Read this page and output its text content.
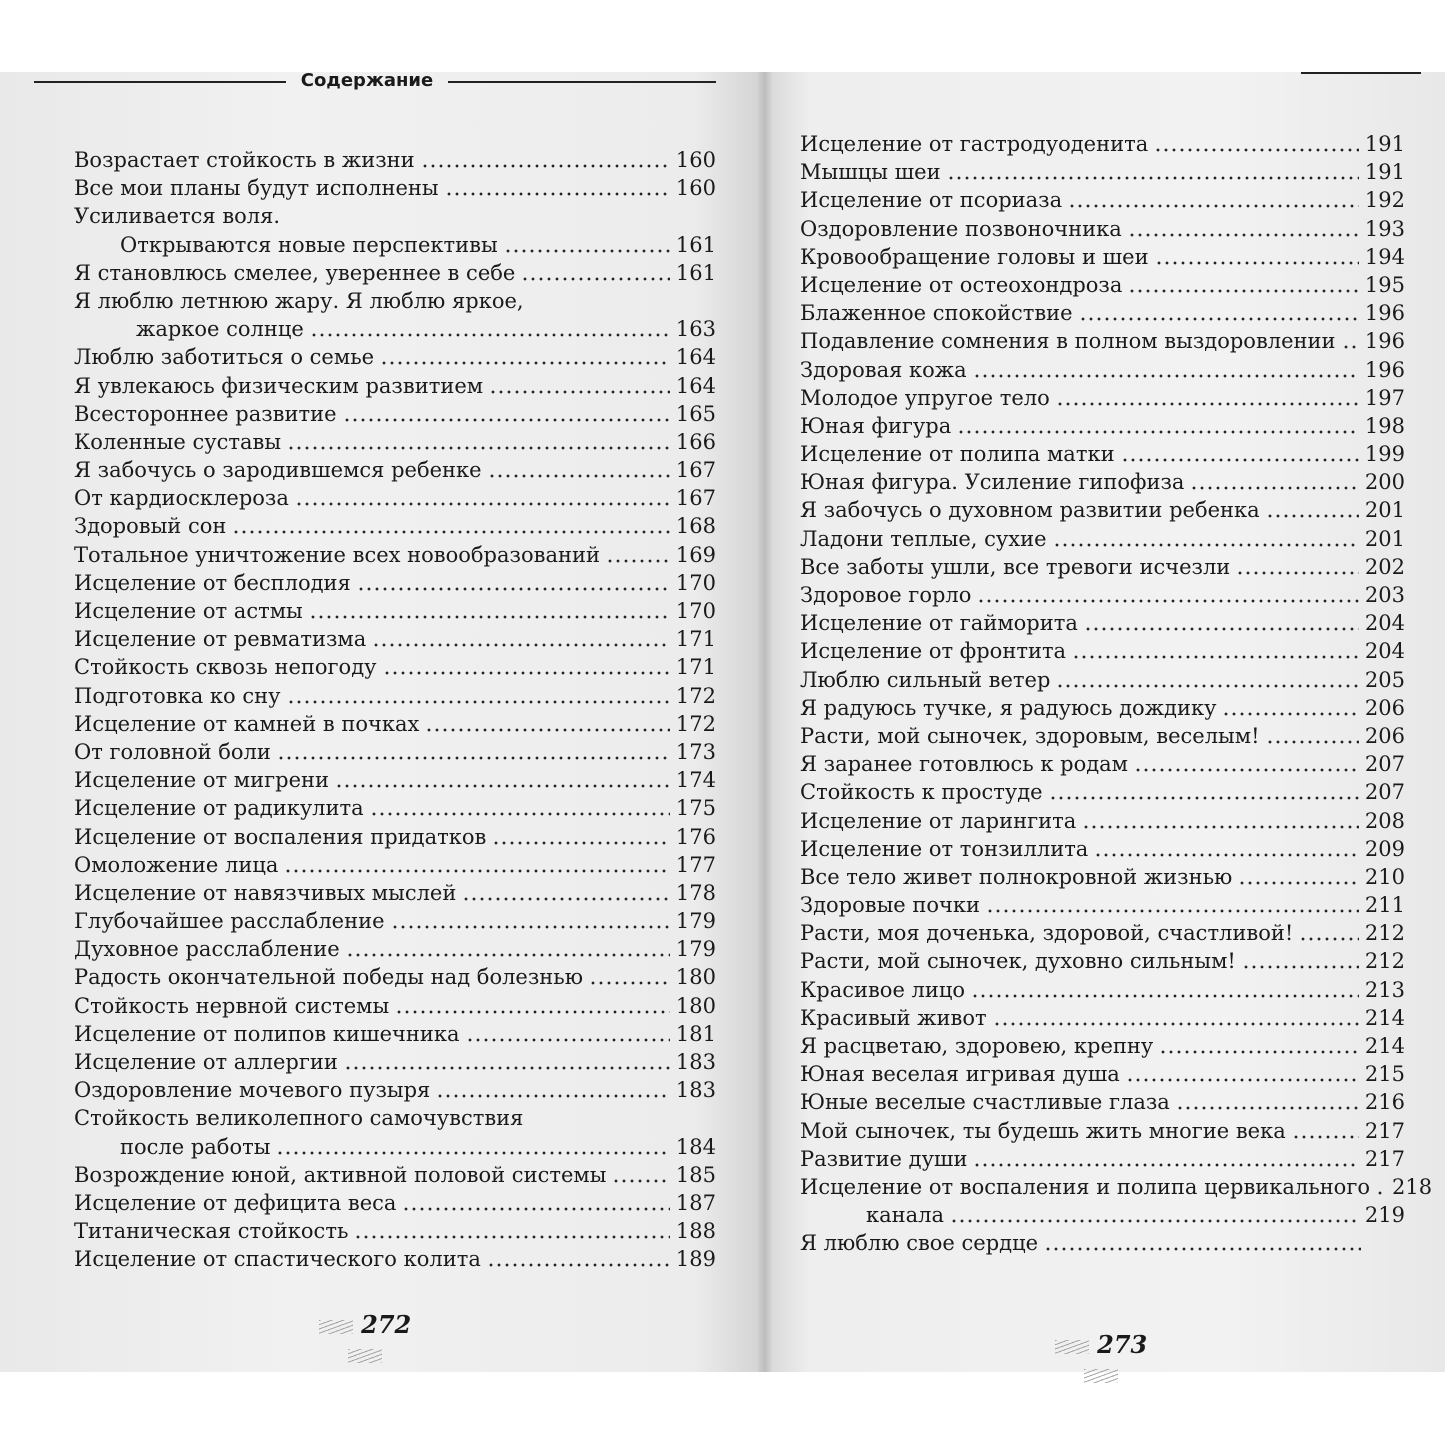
Содержание
Возрастает стойкость в жизни	160
Все мои планы будут исполнены	160
Усиливается воля.
Открываются новые перспективы	161
Я становлюсь смелее, увереннее в себе	161
Я люблю летнюю жару. Я люблю яркое,
жаркое солнце	163
Люблю заботиться о семье	164
Я увлекаюсь физическим развитием	164
Всестороннее развитие	165
Коленные суставы	166
Я забочусь о зародившемся ребенке	167
От кардиосклероза	167
Здоровый сон	168
Тотальное уничтожение всех новообразований	169
Исцеление от бесплодия	170
Исцеление от астмы	170
Исцеление от ревматизма	171
Стойкость сквозь непогоду	171
Подготовка ко сну	172
Исцеление от камней в почках	172
От головной боли	173
Исцеление от мигрени	174
Исцеление от радикулита	175
Исцеление от воспаления придатков	176
Омоложение лица	177
Исцеление от навязчивых мыслей	178
Глубочайшее расслабление	179
Духовное расслабление	179
Радость окончательной победы над болезнью	180
Стойкость нервной системы	180
Исцеление от полипов кишечника	181
Исцеление от аллергии	183
Оздоровление мочевого пузыря	183
Стойкость великолепного самочувствия
после работы	184
Возрождение юной, активной половой системы	185
Исцеление от дефицита веса	187
Титаническая стойкость	188
Исцеление от спастического колита	189
272
Исцеление от гастродуоденита	191
Мышцы шеи	191
Исцеление от псориаза	192
Оздоровление позвоночника	193
Кровообращение головы и шеи	194
Исцеление от остеохондроза	195
Блаженное спокойствие	196
Подавление сомнения в полном выздоровлении 196
Здоровая кожа	196
Молодое упругое тело	197
Юная фигура	198
Исцеление от полипа матки	199
Юная фигура. Усиление гипофиза	200
Я забочусь о духовном развитии ребенка	201
Ладони теплые, сухие	201
Все заботы ушли, все тревоги исчезли	202
Здоровое горло	203
Исцеление от гайморита	204
Исцеление от фронтита	204
Люблю сильный ветер	205
Я радуюсь тучке, я радуюсь дождику	206
Расти, мой сыночек, здоровым, веселым!	206
Я заранее готовлюсь к родам	207
Стойкость к простуде	207
Исцеление от ларингита	208
Исцеление от тонзиллита	209
Все тело живет полнокровной жизнью	210
Здоровые почки	211
Расти, моя доченька, здоровой, счастливой!	212
Расти, мой сыночек, духовно сильным!	212
Красивое лицо	213
Красивый живот	214
Я расцветаю, здоровею, крепну	214
Юная веселая игривая душа	215
Юные веселые счастливые глаза	216
Мой сыночек, ты будешь жить многие века	217
Развитие души	217
Исцеление от воспаления и полипа цервикального 218
канала	219
Я люблю свое сердце
273
